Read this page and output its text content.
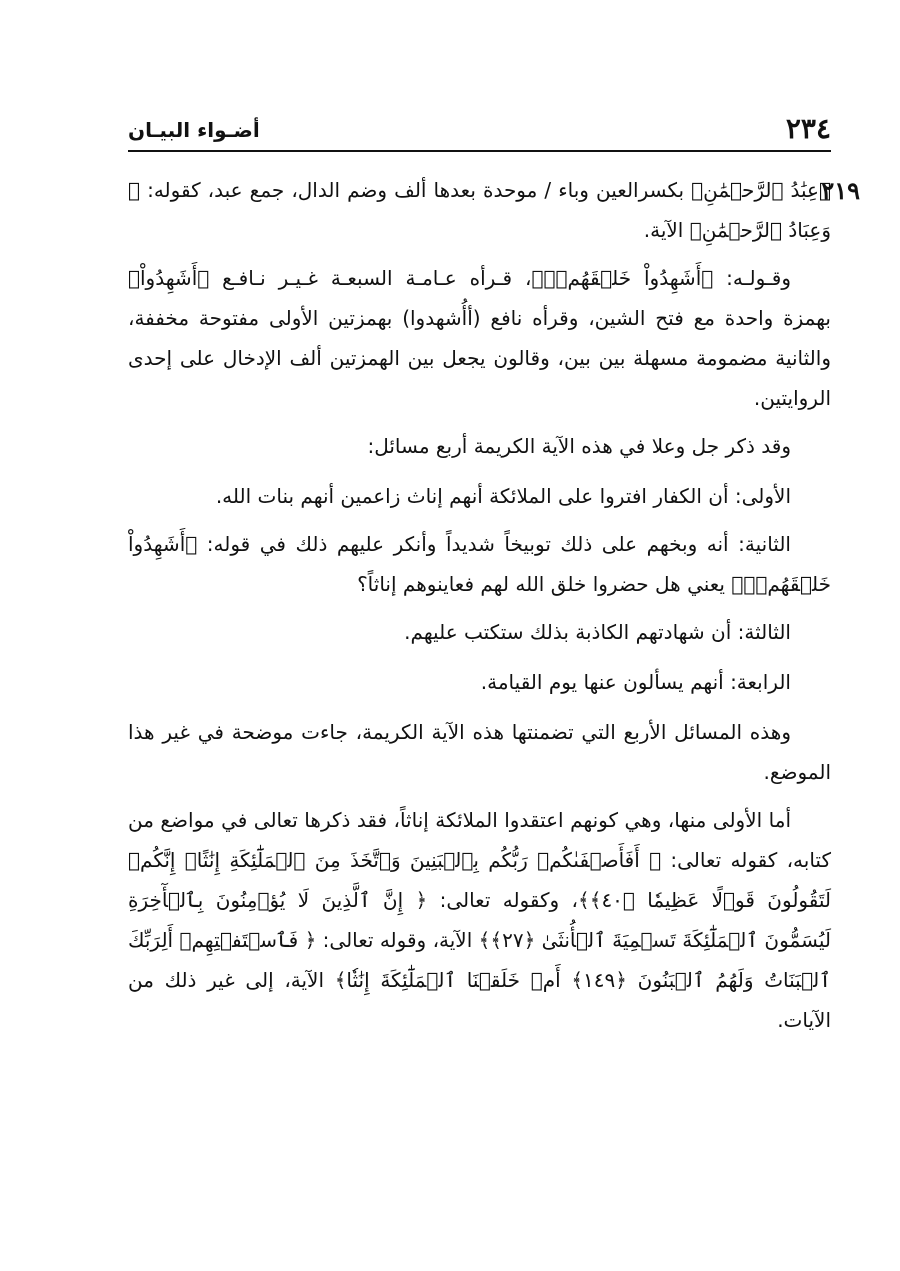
٢٣٤
أضـواء البيـان
٢١٩

﴿عِبَٰدُ ٱلرَّحۡمَٰنِ﴾ بكسرالعين وباء / موحدة بعدها ألف وضم الدال، جمع عبد، كقوله: ﴿ وَعِبَادُ ٱلرَّحۡمَٰنِ﴾ الآية.

وقـولـه: ﴿أَشَهِدُواْ خَلۡقَهُمۡۚ﴾، قـرأه عـامـة السبعـة غـيـر نـافـع ﴿أَشَهِدُواْ﴾ بهمزة واحدة مع فتح الشين، وقرأه نافع (أأُشهدوا) بهمزتين الأولى مفتوحة مخففة، والثانية مضمومة مسهلة بين بين، وقالون يجعل بين الهمزتين ألف الإدخال على إحدى الروايتين.

وقد ذكر جل وعلا في هذه الآية الكريمة أربع مسائل:

الأولى: أن الكفار افتروا على الملائكة أنهم إناث زاعمين أنهم بنات الله.

الثانية: أنه وبخهم على ذلك توبيخاً شديداً وأنكر عليهم ذلك في قوله: ﴿أَشَهِدُواْ خَلۡقَهُمۡۚ﴾ يعني هل حضروا خلق الله لهم فعاينوهم إناثاً؟

الثالثة: أن شهادتهم الكاذبة بذلك ستكتب عليهم.

الرابعة: أنهم يسألون عنها يوم القيامة.

وهذه المسائل الأربع التي تضمنتها هذه الآية الكريمة، جاءت موضحة في غير هذا الموضع.

أما الأولى منها، وهي كونهم اعتقدوا الملائكة إناثاً، فقد ذكرها تعالى في مواضع من كتابه، كقوله تعالى: ﴿ أَفَأَصۡفَىٰكُمۡ رَبُّكُم بِٱلۡبَنِينَ وَٱتَّخَذَ مِنَ ٱلۡمَلَٰٓئِكَةِ إِنَٰثًاۚ إِنَّكُمۡ لَتَقُولُونَ قَوۡلًا عَظِيمٗا ﴿٤٠﴾﴾، وكقوله تعالى: ﴿ إِنَّ ٱلَّذِينَ لَا يُؤۡمِنُونَ بِٱلۡأٓخِرَةِ لَيُسَمُّونَ ٱلۡمَلَٰٓئِكَةَ تَسۡمِيَةَ ٱلۡأُنثَىٰ ﴿٢٧﴾﴾ الآية، وقوله تعالى: ﴿ فَٱسۡتَفۡتِهِمۡ أَلِرَبِّكَ ٱلۡبَنَاتُ وَلَهُمُ ٱلۡبَنُونَ ﴿١٤٩﴾ أَمۡ خَلَقۡنَا ٱلۡمَلَٰٓئِكَةَ إِنَٰثٗا﴾ الآية، إلى غير ذلك من الآيات.
